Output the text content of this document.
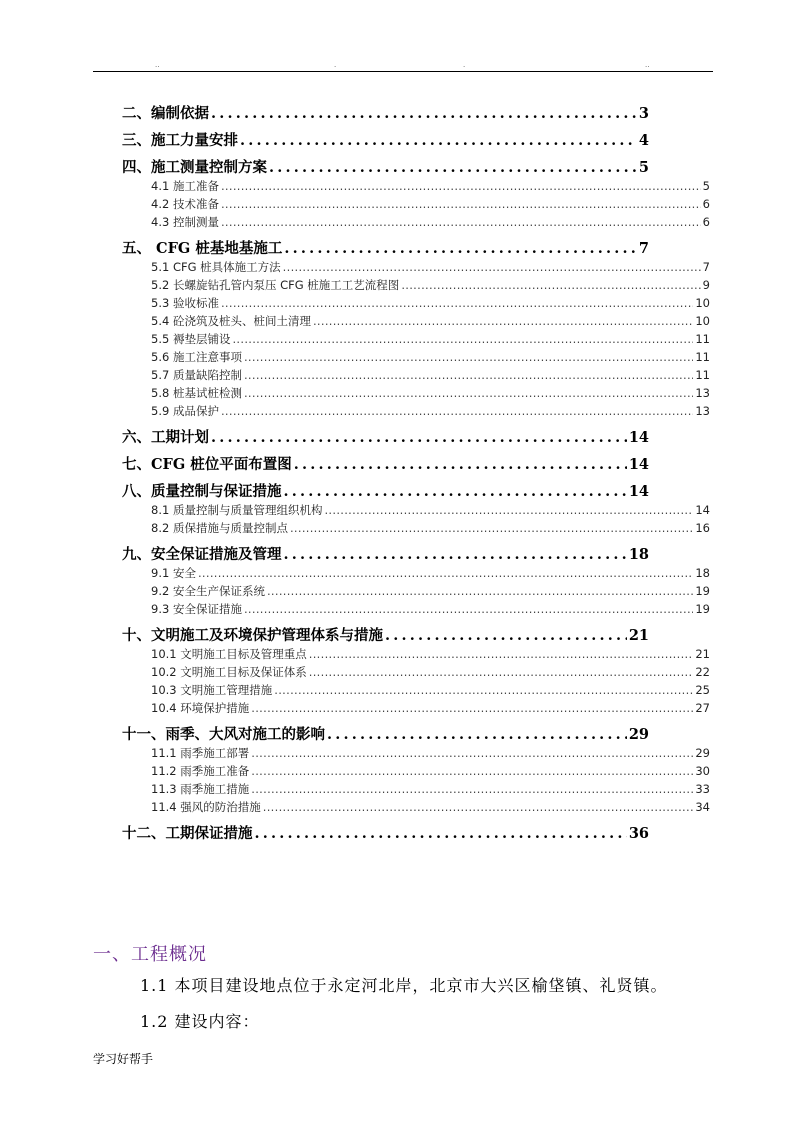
..	.	.	..
二、编制依据 .....	3
三、施工力量安排 .....	4
四、施工测量控制方案 .....	5
4.1 施工准备 .....	5
4.2 技术准备 .....	6
4.3 控制测量 .....	6
五、 CFG 桩基地基施工 .....	7
5.1 CFG 桩具体施工方法 .....	7
5.2 长螺旋钻孔管内泵压 CFG 桩施工工艺流程图 .....	9
5.3 验收标准 .....	10
5.4 砼浇筑及桩头、桩间土清理 .....	10
5.5 褥垫层铺设 .....	11
5.6 施工注意事项 .....	11
5.7 质量缺陷控制 .....	11
5.8 桩基试桩检测 .....	13
5.9 成品保护 .....	13
六、工期计划 .....	14
七、CFG 桩位平面布置图 .....	14
八、质量控制与保证措施 .....	14
8.1 质量控制与质量管理组织机构 .....	14
8.2 质保措施与质量控制点 .....	16
九、安全保证措施及管理 .....	18
9.1 安全 .....	18
9.2 安全生产保证系统 .....	19
9.3 安全保证措施 .....	19
十、文明施工及环境保护管理体系与措施 .....	21
10.1 文明施工目标及管理重点 .....	21
10.2 文明施工目标及保证体系 .....	22
10.3 文明施工管理措施 .....	25
10.4 环境保护措施 .....	27
十一、雨季、大风对施工的影响 .....	29
11.1 雨季施工部署 .....	29
11.2 雨季施工准备 .....	30
11.3 雨季施工措施 .....	33
11.4 强风的防治措施 .....	34
十二、工期保证措施 .....	36
一、工程概况
1.1 本项目建设地点位于永定河北岸，北京市大兴区榆垡镇、礼贤镇。
1.2 建设内容：
学习好帮手
